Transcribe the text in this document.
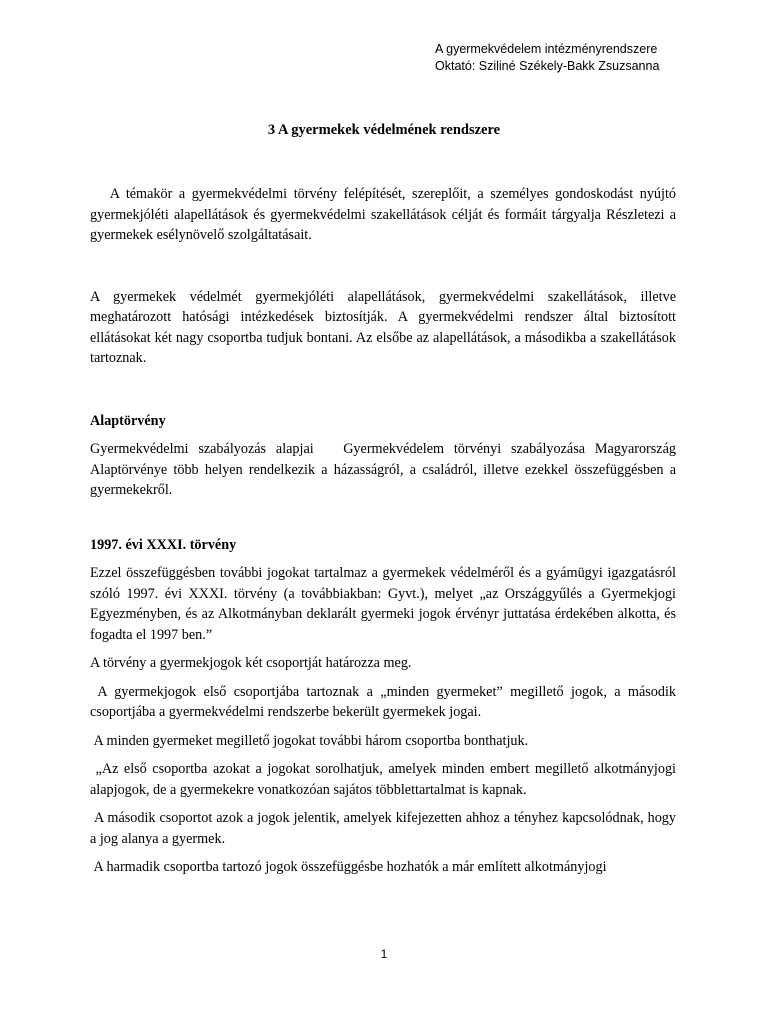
A gyermekvédelem intézményrendszere
Oktató: Sziliné Székely-Bakk Zsuzsanna
3 A gyermekek védelmének rendszere

A témakör a gyermekvédelmi törvény felépítését, szereplőit, a személyes gondoskodást nyújtó gyermekjóléti alapellátások és gyermekvédelmi szakellátások célját és formáit tárgyalja Részletezi a gyermekek esélynövelő szolgáltatásait.

A gyermekek védelmét gyermekjóléti alapellátások, gyermekvédelmi szakellátások, illetve meghatározott hatósági intézkedések biztosítják. A gyermekvédelmi rendszer által biztosított ellátásokat két nagy csoportba tudjuk bontani. Az elsőbe az alapellátások, a másodikba a szakellátások tartoznak.

Alaptörvény

Gyermekvédelmi szabályozás alapjai   Gyermekvédelem törvényi szabályozása Magyarország Alaptörvénye több helyen rendelkezik a házasságról, a családról, illetve ezekkel összefüggésben a gyermekekről.

1997. évi XXXI. törvény

Ezzel összefüggésben további jogokat tartalmaz a gyermekek védelméről és a gyámügyi igazgatásról szóló 1997. évi XXXI. törvény (a továbbiakban: Gyvt.), melyet „az Országgyűlés a Gyermekjogi Egyezményben, és az Alkotmányban deklarált gyermeki jogok érvényr juttatása érdekében alkotta, és fogadta el 1997 ben.”

A törvény a gyermekjogok két csoportját határozza meg.

A gyermekjogok első csoportjába tartoznak a „minden gyermeket” megillető jogok, a második csoportjába a gyermekvédelmi rendszerbe bekerült gyermekek jogai.

A minden gyermeket megillető jogokat további három csoportba bonthatjuk.

„Az első csoportba azokat a jogokat sorolhatjuk, amelyek minden embert megillető alkotmányjogi alapjogok, de a gyermekekre vonatkozóan sajátos többlettartalmat is kapnak.

A második csoportot azok a jogok jelentik, amelyek kifejezetten ahhoz a tényhez kapcsolódnak, hogy a jog alanya a gyermek.

A harmadik csoportba tartozó jogok összefüggésbe hozhatók a már említett alkotmányjogi

1
